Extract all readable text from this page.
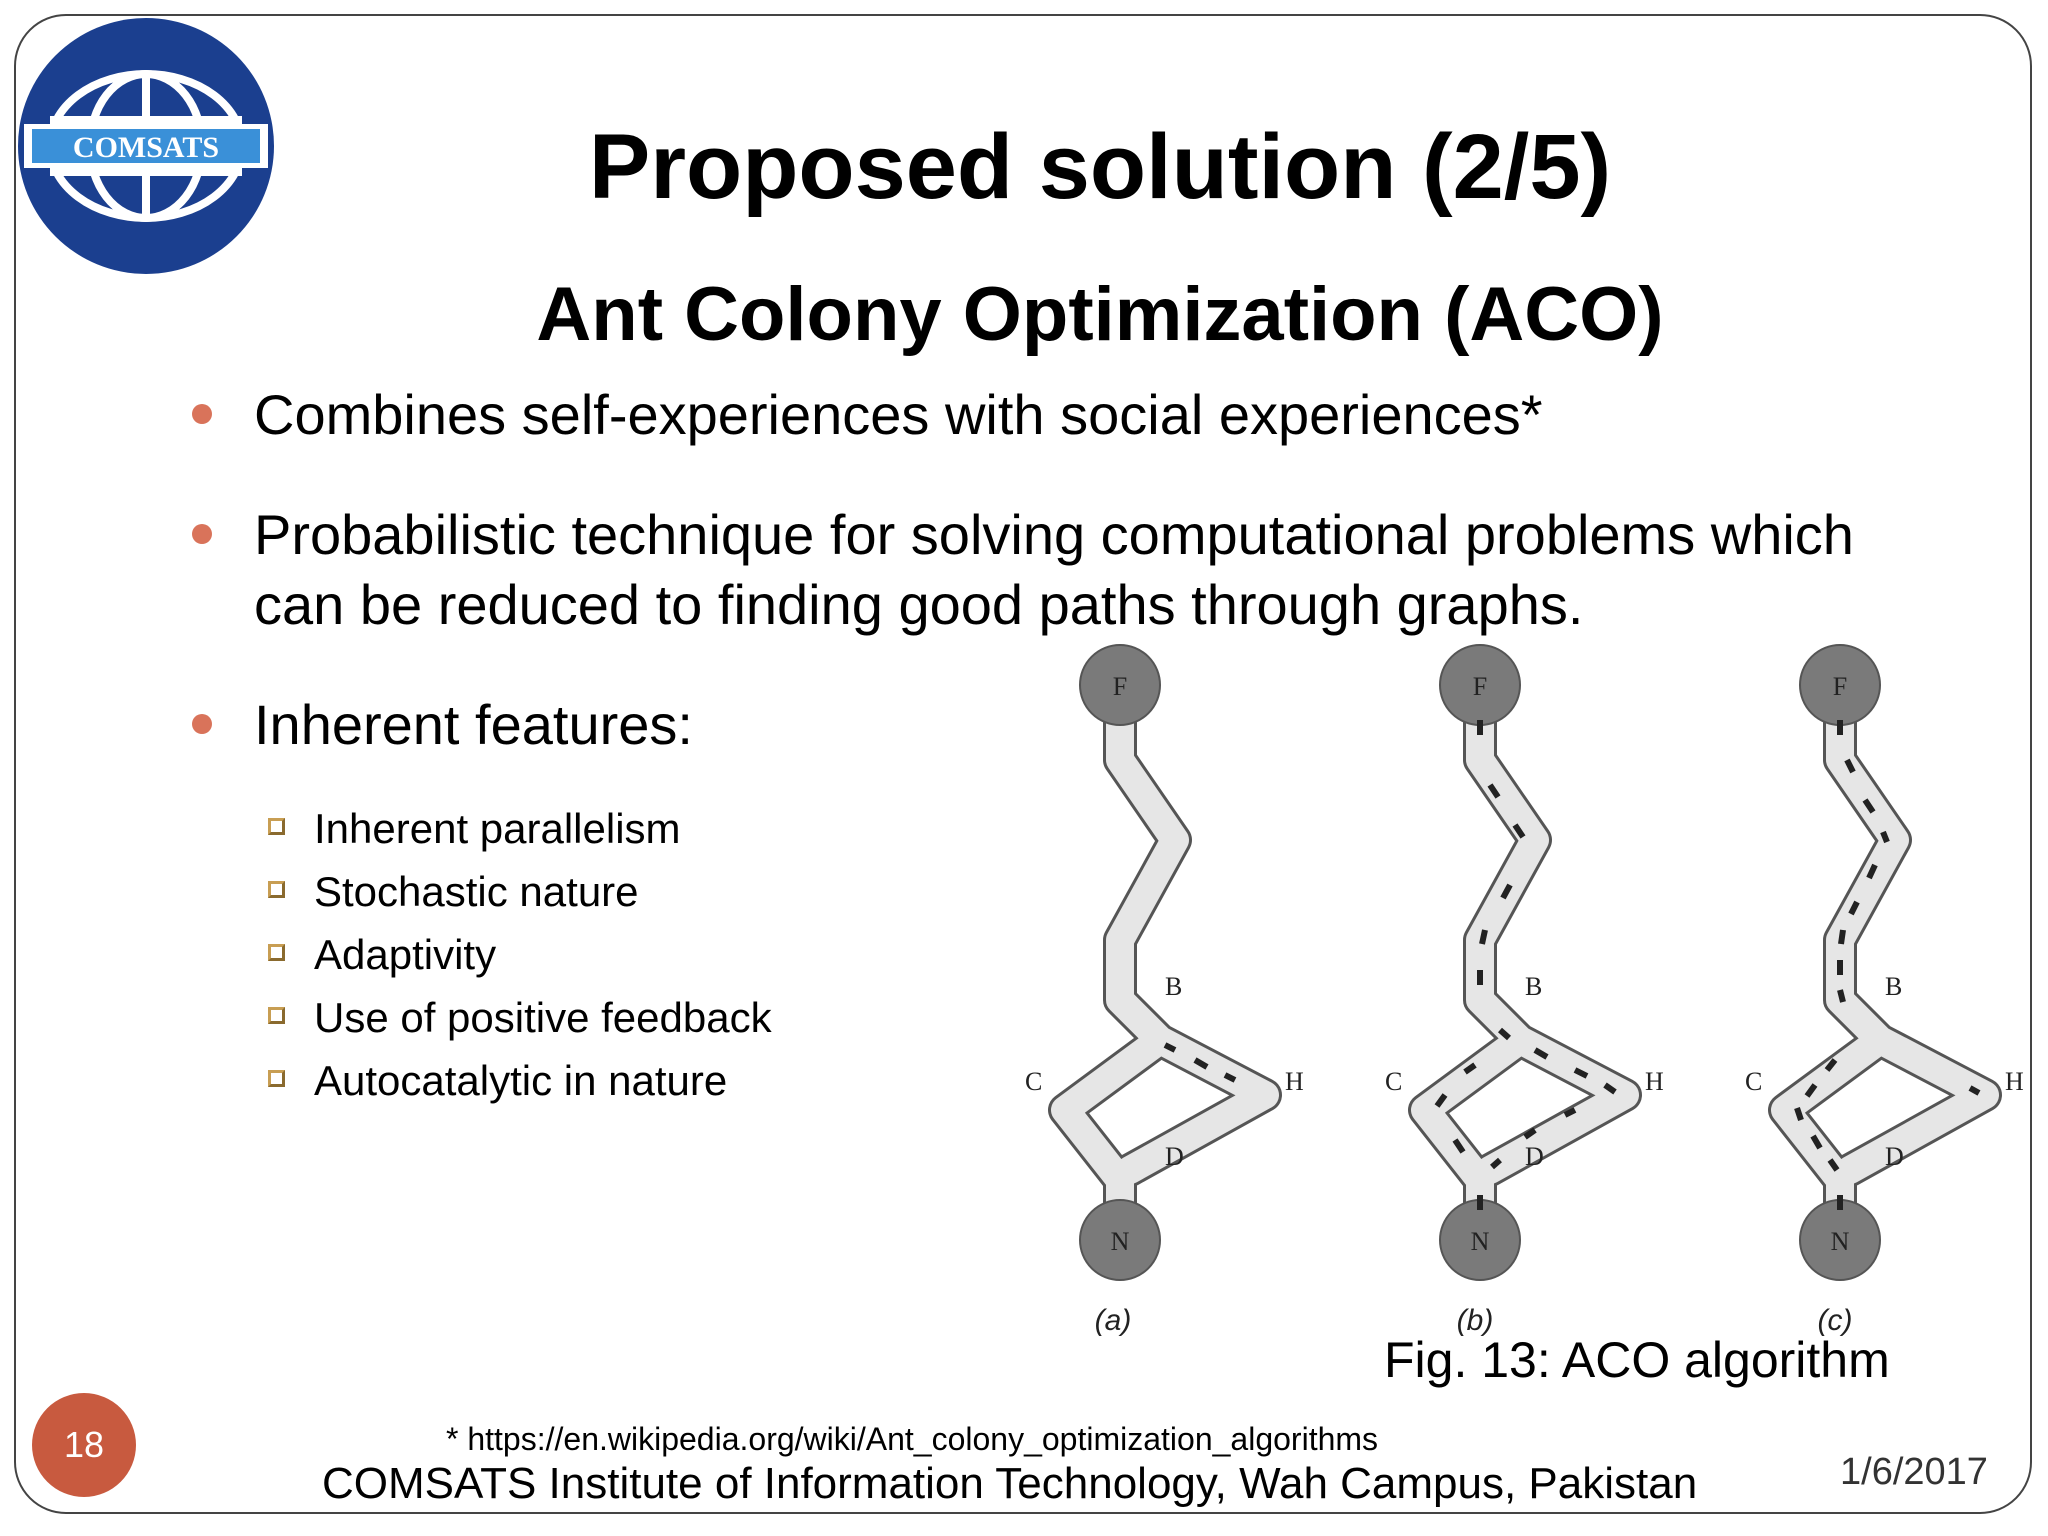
COMSATS	Proposed solution (2/5)
Ant Colony Optimization (ACO)
Combines self-experiences with social experiences*
Probabilistic technique for solving computational problems which can be reduced to finding good paths through graphs.
Inherent features:
Inherent parallelism
Stochastic nature
Adaptivity
Use of positive feedback
Autocatalytic in nature
F
N
B
C	H
D
(a)
F
N
B
C	H
D
(b)
F
N
B
C	H
D
(c)
Fig. 13: ACO algorithm
* https://en.wikipedia.org/wiki/Ant_colony_optimization_algorithms
COMSATS Institute of Information Technology, Wah Campus, Pakistan	1/6/2017
18
